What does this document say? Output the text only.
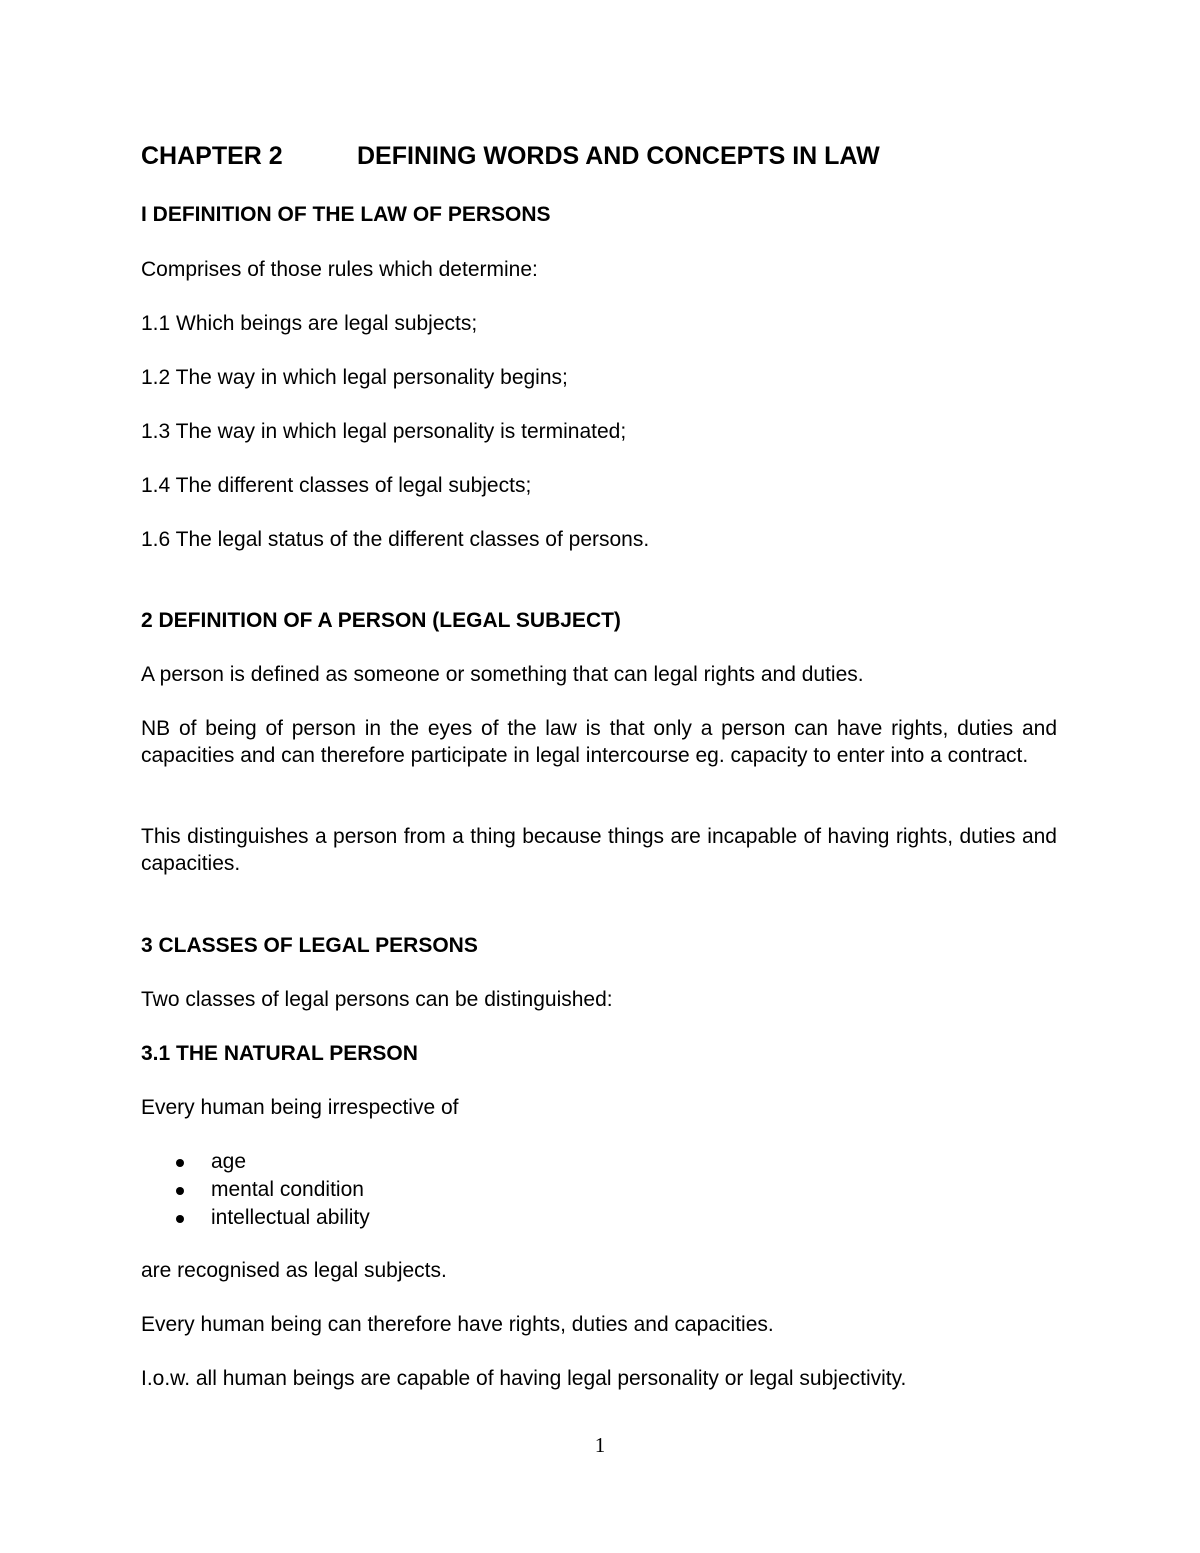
CHAPTER 2	DEFINING WORDS AND CONCEPTS IN LAW
I DEFINITION OF THE LAW OF PERSONS
Comprises of those rules which determine:
1.1 Which beings are legal subjects;
1.2 The way in which legal personality begins;
1.3 The way in which legal personality is terminated;
1.4 The different classes of legal subjects;
1.6 The legal status of the different classes of persons.
2 DEFINITION OF A PERSON (LEGAL SUBJECT)
A person is defined as someone or something that can legal rights and duties.
NB of being of person in the eyes of the law is that only a person can have rights, duties and capacities and can therefore participate in legal intercourse eg. capacity to enter into a contract.
This distinguishes a person from a thing because things are incapable of having rights, duties and capacities.
3 CLASSES OF LEGAL PERSONS
Two classes of legal persons can be distinguished:
3.1 THE NATURAL PERSON
Every human being irrespective of
age
mental condition
intellectual ability
are recognised as legal subjects.
Every human being can therefore have rights, duties and capacities.
I.o.w. all human beings are capable of having legal personality or legal subjectivity.
1
